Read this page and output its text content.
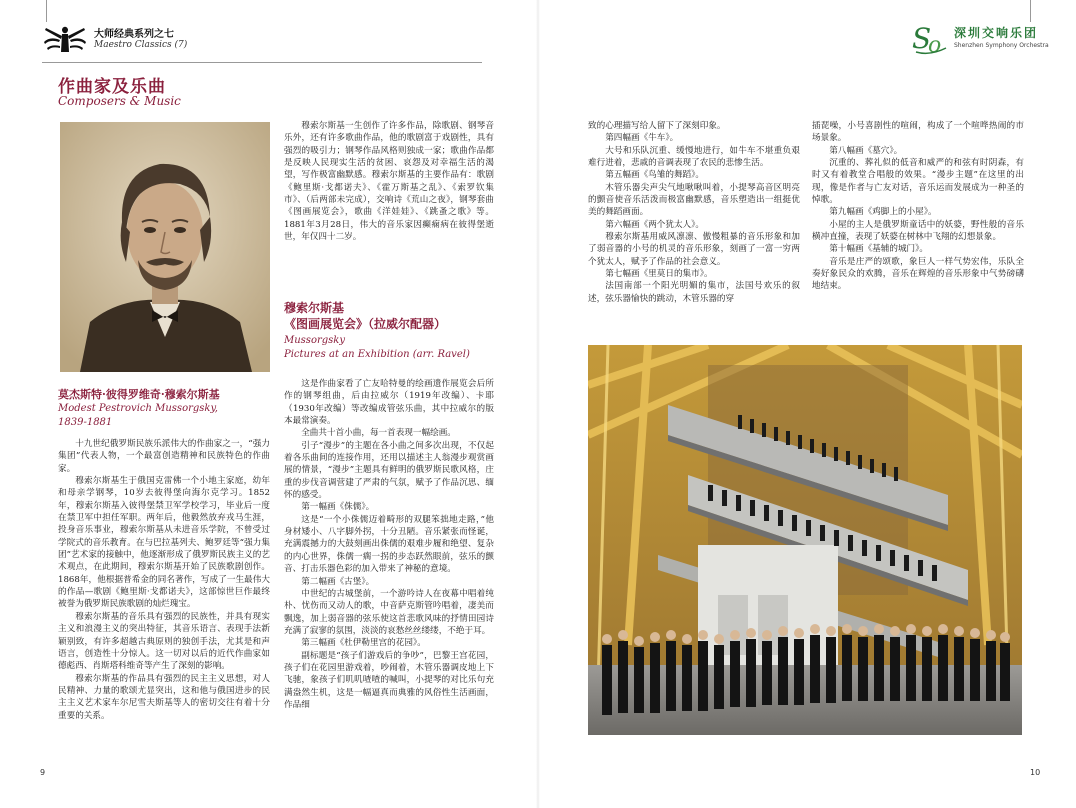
大师经典系列之七
Maestro Classics (7)	S
o 深圳交响乐团
Shenzhen Symphony Orchestra
作曲家及乐曲
Composers & Music
莫杰斯特·彼得罗维奇·穆索尔斯基
Modest Pestrovich Mussorgsky,
1839-1881

十九世纪俄罗斯民族乐派伟大的作曲家之一，“强力集团”代表人物，一个最富创造精神和民族特色的作曲家。

穆索尔斯基生于俄国克雷佛一个小地主家庭，幼年和母亲学钢琴，10岁去彼得堡向海尔克学习。1852年，穆索尔斯基入彼得堡禁卫军学校学习，毕业后一度在禁卫军中担任军职。两年后，他毅然放弃戎马生涯，投身音乐事业，穆索尔斯基从未进音乐学院，不曾受过学院式的音乐教育。在与巴拉基列夫、鲍罗廷等“强力集团”艺术家的接触中，他逐渐形成了俄罗斯民族主义的艺术观点，在此期间，穆索尔斯基开始了民族歌剧创作。1868年，他根据普希金的同名著作，写成了一生最伟大的作品—歌剧《鲍里斯·戈都诺夫》，这部惊世巨作最终被誉为俄罗斯民族歌剧的灿烂瑰宝。

穆索尔斯基的音乐具有强烈的民族性，并具有现实主义和浪漫主义的突出特征，其音乐语言、表现手法新颖别致，有许多超越古典原则的独创手法，尤其是和声语言，创造性十分惊人。这一切对以后的近代作曲家如德彪西、肖斯塔科维奇等产生了深刻的影响。

穆索尔斯基的作品具有强烈的民主主义思想，对人民精神、力量的歌颂尤显突出，这和他与俄国进步的民主主义艺术家车尔尼雪夫斯基等人的密切交往有着十分重要的关系。

穆索尔斯基一生创作了许多作品，除歌剧、钢琴音乐外，还有许多歌曲作品，他的歌剧富于戏剧性，具有强烈的吸引力；钢琴作品风格则独成一家；歌曲作品都是反映人民现实生活的贫困、哀怨及对幸福生活的渴望，写作极富幽默感。穆索尔斯基的主要作品有：歌剧《鲍里斯·戈都诺夫》、《霍万斯基之乱》、《索罗钦集市》、（后两部未完成），交响诗《荒山之夜》，钢琴套曲《图画展览会》，歌曲《洋娃娃》、《跳蚤之歌》等。1881年3月28日，伟大的音乐家因癫痫病在彼得堡逝世，年仅四十二岁。

穆索尔斯基
《图画展览会》（拉威尔配器）
Mussorgsky
Pictures at an Exhibition (arr. Ravel)

这是作曲家看了亡友哈特曼的绘画遗作展览会后所作的钢琴组曲，后由拉威尔（1919年改编）、卡耶（1930年改编）等改编成管弦乐曲，其中拉威尔的版本最常演奏。

全曲共十首小曲，每一首表现一幅绘画。

引子“漫步”的主题在各小曲之间多次出现，不仅起着各乐曲间的连接作用，还用以描述主人翁漫步观赏画展的情景，“漫步”主题具有鲜明的俄罗斯民歌风格，庄重的步伐音调营建了严肃的气氛，赋予了作品沉思、缅怀的感受。

第一幅画《侏儒》。

这是“一个小侏儒迈着畸形的双腿笨拙地走路，”他身材矮小、八字脚外拐，十分丑陋。音乐紧张而怪诞，充满震撼力的大鼓刻画出侏儒的艰难步履和绝望、复杂的内心世界，侏儒一瘸一拐的步态跃然眼前，弦乐的颤音、打击乐器色彩的加入带来了神秘的意境。

第二幅画《古堡》。

中世纪的古城堡前，一个游吟诗人在夜幕中唱着纯朴、忧伤而又动人的歌，中音萨克斯管吟唱着，凄美而飘逸，加上弱音器的弦乐使这首悲歌风味的抒情田园诗充满了寂寥的氛围，淡淡的哀愁丝丝缕缕，不绝于耳。

第三幅画《杜伊勒里宫的花园》。

副标题是“孩子们游戏后的争吵”，巴黎王宫花园，孩子们在花园里游戏着，吵闹着，木管乐器调皮地上下飞驰，象孩子们叽叽喳喳的喊叫，小提琴的对比乐句充满盎然生机，这是一幅逼真而典雅的风俗性生活画面，作品细

致的心理描写给人留下了深刻印象。

第四幅画《牛车》。

大号和乐队沉重、缓慢地进行，如牛车不堪重负艰难行进着，悲戚的音调表现了农民的悲惨生活。

第五幅画《鸟雏的舞蹈》。

木管乐器尖声尖气地啾啾叫着，小提琴高音区明亮的颤音使音乐活泼而极富幽默感，音乐塑造出一组挺优美的舞蹈画面。

第六幅画《两个犹太人》。

穆索尔斯基用威风凛凛、傲慢粗暴的音乐形象和加了弱音器的小号的机灵的音乐形象，刻画了一富一穷两个犹太人，赋予了作品的社会意义。

第七幅画《里莫日的集市》。

法国南部一个阳光明媚的集市，法国号欢乐的叙述，弦乐器愉快的跳动，木管乐器的穿

插琵噪，小号喜剧性的喧闹，构成了一个喧哗热闹的市场景象。

第八幅画《墓穴》。

沉重的、葬礼似的低音和威严的和弦有时阴森，有时又有着教堂合唱般的效果。“漫步主题”在这里的出现，像是作者与亡友对话，音乐运而发展成为一种圣的悼歌。

第九幅画《鸡脚上的小屋》。

小屋的主人是俄罗斯童话中的妖婆，野性般的音乐横冲直撞，表现了妖婆在树林中飞翔的幻想景象。

第十幅画《基辅的城门》。

音乐是庄严的颂歌，象巨人一样气势宏伟，乐队全奏好象民众的欢腾，音乐在辉煌的音乐形象中气势磅礴地结束。

9	10
